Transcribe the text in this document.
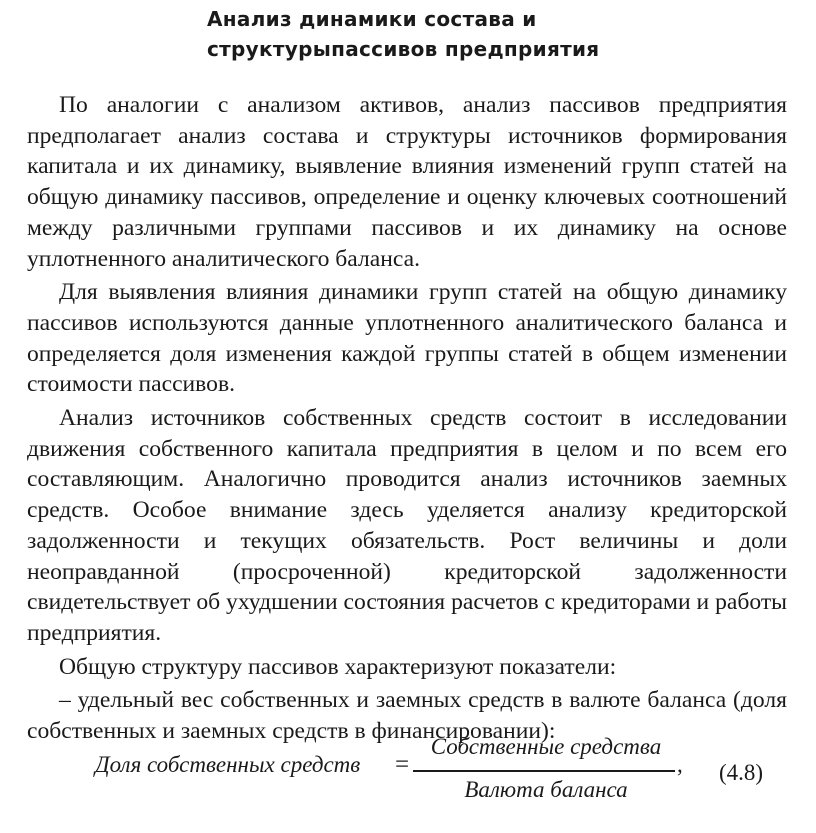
Анализ динамики состава и
структурыпассивов предприятия

По аналогии с анализом активов, анализ пассивов предприятия предполагает анализ состава и структуры источников формирования капитала и их динамику, выявление влияния изменений групп статей на общую динамику пассивов, определение и оценку ключевых соотношений между различными группами пассивов и их динамику на основе уплотненного аналитического баланса.

Для выявления влияния динамики групп статей на общую динамику пассивов используются данные уплотненного аналитического баланса и определяется доля изменения каждой группы статей в общем изменении стоимости пассивов.

Анализ источников собственных средств состоит в исследовании движения собственного капитала предприятия в целом и по всем его составляющим. Аналогично проводится анализ источников заемных средств. Особое внимание здесь уделяется анализу кредиторской задолженности и текущих обязательств. Рост величины и доли неоправданной (просроченной) кредиторской задолженности свидетельствует об ухудшении состояния расчетов с кредиторами и работы предприятия.

Общую структуру пассивов характеризуют показатели:

– удельный вес собственных и заемных средств в валюте баланса (доля собственных и заемных средств в финансировании):

Доля собственных средств =
Собственные средства
,
Валюта баланса
(4.8)
